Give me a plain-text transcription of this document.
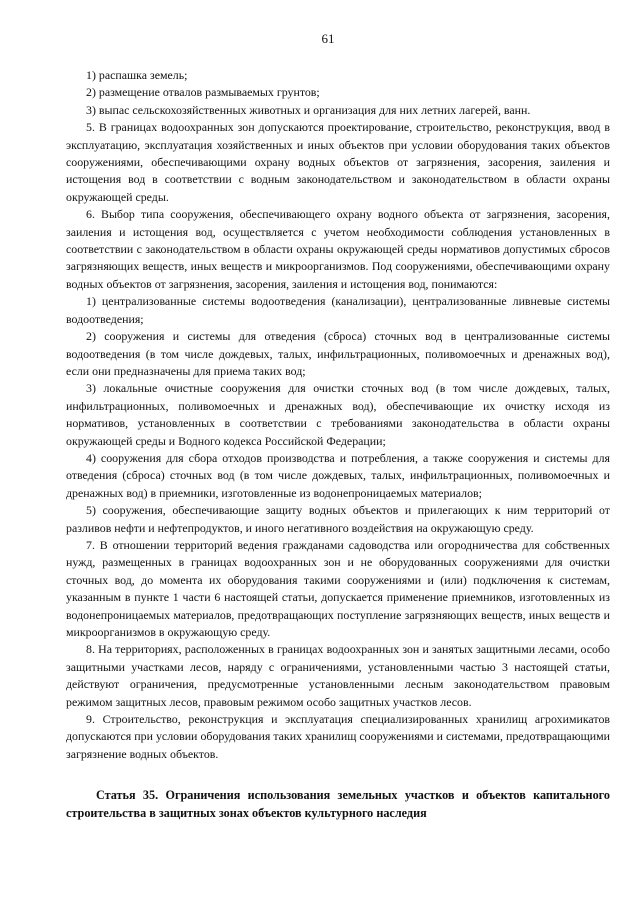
61

1) распашка земель;

2) размещение отвалов размываемых грунтов;

3) выпас сельскохозяйственных животных и организация для них летних лагерей, ванн.

5. В границах водоохранных зон допускаются проектирование, строительство, реконструкция, ввод в эксплуатацию, эксплуатация хозяйственных и иных объектов при условии оборудования таких объектов сооружениями, обеспечивающими охрану водных объектов от загрязнения, засорения, заиления и истощения вод в соответствии с водным законодательством и законодательством в области охраны окружающей среды.

6. Выбор типа сооружения, обеспечивающего охрану водного объекта от загрязнения, засорения, заиления и истощения вод, осуществляется с учетом необходимости соблюдения установленных в соответствии с законодательством в области охраны окружающей среды нормативов допустимых сбросов загрязняющих веществ, иных веществ и микроорганизмов. Под сооружениями, обеспечивающими охрану водных объектов от загрязнения, засорения, заиления и истощения вод, понимаются:

1) централизованные системы водоотведения (канализации), централизованные ливневые системы водоотведения;

2) сооружения и системы для отведения (сброса) сточных вод в централизованные системы водоотведения (в том числе дождевых, талых, инфильтрационных, поливомоечных и дренажных вод), если они предназначены для приема таких вод;

3) локальные очистные сооружения для очистки сточных вод (в том числе дождевых, талых, инфильтрационных, поливомоечных и дренажных вод), обеспечивающие их очистку исходя из нормативов, установленных в соответствии с требованиями законодательства в области охраны окружающей среды и Водного кодекса Российской Федерации;

4) сооружения для сбора отходов производства и потребления, а также сооружения и системы для отведения (сброса) сточных вод (в том числе дождевых, талых, инфильтрационных, поливомоечных и дренажных вод) в приемники, изготовленные из водонепроницаемых материалов;

5) сооружения, обеспечивающие защиту водных объектов и прилегающих к ним территорий от разливов нефти и нефтепродуктов, и иного негативного воздействия на окружающую среду.

7. В отношении территорий ведения гражданами садоводства или огородничества для собственных нужд, размещенных в границах водоохранных зон и не оборудованных сооружениями для очистки сточных вод, до момента их оборудования такими сооружениями и (или) подключения к системам, указанным в пункте 1 части 6 настоящей статьи, допускается применение приемников, изготовленных из водонепроницаемых материалов, предотвращающих поступление загрязняющих веществ, иных веществ и микроорганизмов в окружающую среду.

8. На территориях, расположенных в границах водоохранных зон и занятых защитными лесами, особо защитными участками лесов, наряду с ограничениями, установленными частью 3 настоящей статьи, действуют ограничения, предусмотренные установленными лесным законодательством правовым режимом защитных лесов, правовым режимом особо защитных участков лесов.

9. Строительство, реконструкция и эксплуатация специализированных хранилищ агрохимикатов допускаются при условии оборудования таких хранилищ сооружениями и системами, предотвращающими загрязнение водных объектов.

Статья 35. Ограничения использования земельных участков и объектов капитального строительства в защитных зонах объектов культурного наследия
